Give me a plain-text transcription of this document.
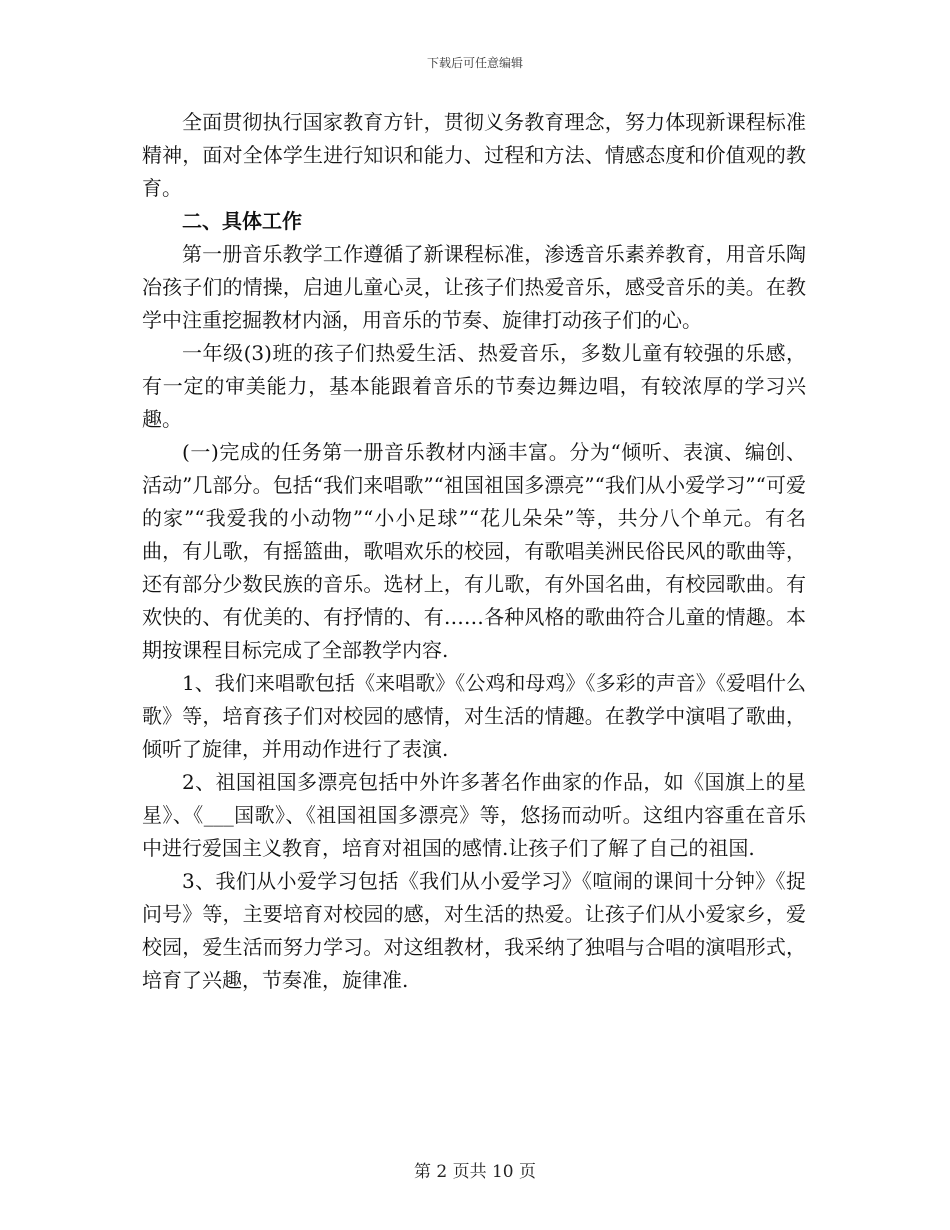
下载后可任意编辑

全面贯彻执行国家教育方针，贯彻义务教育理念，努力体现新课程标准精神，面对全体学生进行知识和能力、过程和方法、情感态度和价值观的教育。

二、具体工作

第一册音乐教学工作遵循了新课程标准，渗透音乐素养教育，用音乐陶冶孩子们的情操，启迪儿童心灵，让孩子们热爱音乐，感受音乐的美。在教学中注重挖掘教材内涵，用音乐的节奏、旋律打动孩子们的心。

一年级(3)班的孩子们热爱生活、热爱音乐，多数儿童有较强的乐感，有一定的审美能力，基本能跟着音乐的节奏边舞边唱，有较浓厚的学习兴趣。

(一)完成的任务第一册音乐教材内涵丰富。分为“倾听、表演、编创、活动”几部分。包括“我们来唱歌”“祖国祖国多漂亮”“我们从小爱学习”“可爱的家”“我爱我的小动物”“小小足球”“花儿朵朵”等，共分八个单元。有名曲，有儿歌，有摇篮曲，歌唱欢乐的校园，有歌唱美洲民俗民风的歌曲等，还有部分少数民族的音乐。选材上，有儿歌，有外国名曲，有校园歌曲。有欢快的、有优美的、有抒情的、有……各种风格的歌曲符合儿童的情趣。本期按课程目标完成了全部教学内容.

1、我们来唱歌包括《来唱歌》《公鸡和母鸡》《多彩的声音》《爱唱什么歌》等，培育孩子们对校园的感情，对生活的情趣。在教学中演唱了歌曲，倾听了旋律，并用动作进行了表演.

2、祖国祖国多漂亮包括中外许多著名作曲家的作品，如《国旗上的星星》、《___国歌》、《祖国祖国多漂亮》等，悠扬而动听。这组内容重在音乐中进行爱国主义教育，培育对祖国的感情.让孩子们了解了自己的祖国.

3、我们从小爱学习包括《我们从小爱学习》《喧闹的课间十分钟》《捉问号》等，主要培育对校园的感，对生活的热爱。让孩子们从小爱家乡，爱校园，爱生活而努力学习。对这组教材，我采纳了独唱与合唱的演唱形式，培育了兴趣，节奏准，旋律准.

第 2 页共 10 页
